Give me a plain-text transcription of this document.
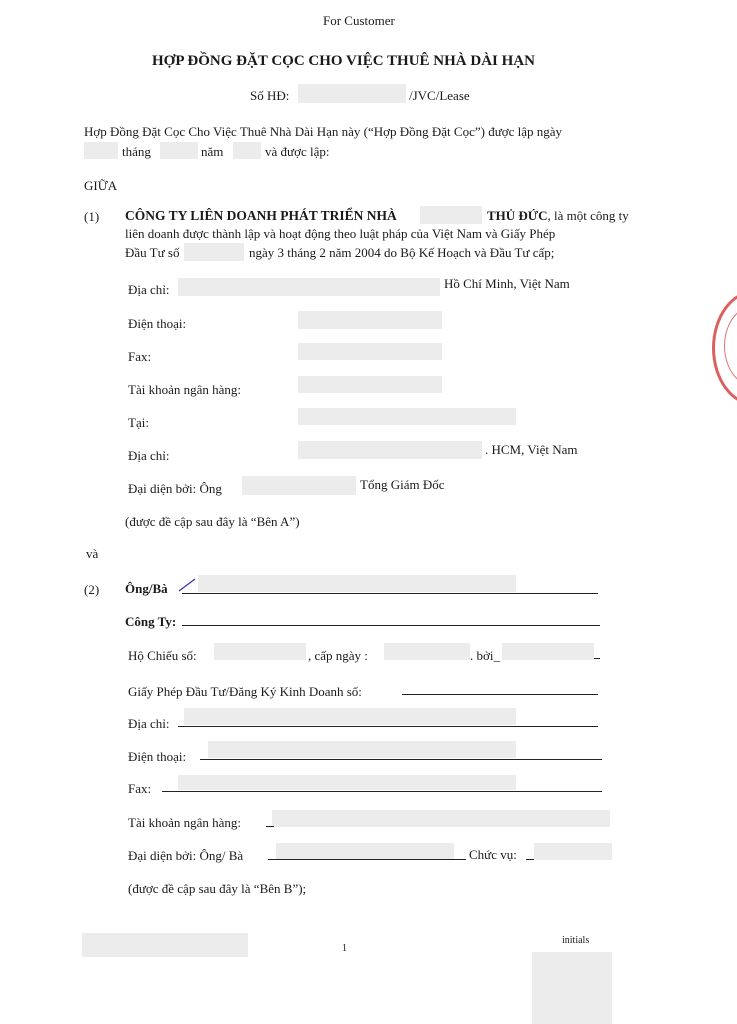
For Customer
HỢP ĐỒNG ĐẶT CỌC CHO VIỆC THUÊ NHÀ DÀI HẠN
Số HĐ:	/JVC/Lease
Hợp Đồng Đặt Cọc Cho Việc Thuê Nhà Dài Hạn này (“Hợp Đồng Đặt Cọc”) được lập ngày
tháng	năm	và được lập:
GIỮA
(1) CÔNG TY LIÊN DOANH PHÁT TRIỂN NHÀ	THỦ ĐỨC, là một công ty
liên doanh được thành lập và hoạt động theo luật pháp của Việt Nam và Giấy Phép
Đầu Tư số	ngày 3 tháng 2 năm 2004 do Bộ Kế Hoạch và Đầu Tư cấp;
Địa chỉ:	Hồ Chí Minh, Việt Nam
Điện thoại:
Fax:
Tài khoản ngân hàng:
Tại:
Địa chỉ:	. HCM, Việt Nam
Đại diện bởi: Ông	Tổng Giám Đốc
(được đề cập sau đây là “Bên A”)
và
(2) Ông/Bà
Công Ty:
Hộ Chiếu số:	, cấp ngày :	. bởi_
Giấy Phép Đầu Tư/Đăng Ký Kinh Doanh số:
Địa chỉ:
Điện thoại:
Fax:
Tài khoản ngân hàng:
Đại diện bởi: Ông/ Bà	Chức vụ:
(được đề cập sau đây là “Bên B”);
1
initials
